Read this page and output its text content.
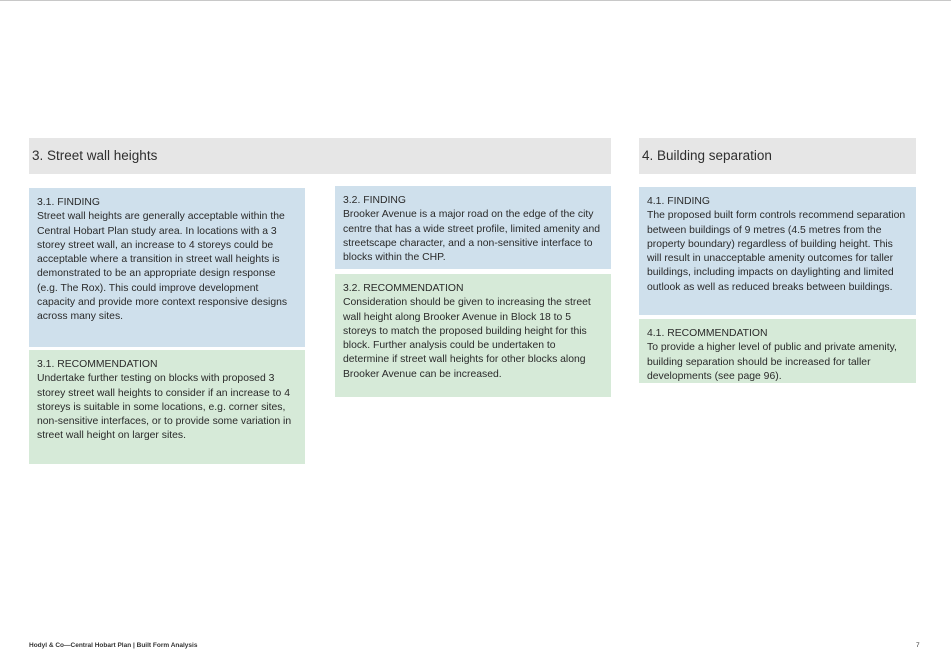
3. Street wall heights	4. Building separation
3.1. FINDING
Street wall heights are generally acceptable within the Central Hobart Plan study area. In locations with a 3 storey street wall, an increase to 4 storeys could be acceptable where a transition in street wall heights is demonstrated to be an appropriate design response (e.g. The Rox). This could improve development capacity and provide more context responsive designs across many sites.
3.1. RECOMMENDATION
Undertake further testing on blocks with proposed 3 storey street wall heights to consider if an increase to 4 storeys is suitable in some locations, e.g. corner sites, non-sensitive interfaces, or to provide some variation in street wall height on larger sites.
3.2. FINDING
Brooker Avenue is a major road on the edge of the city centre that has a wide street profile, limited amenity and streetscape character, and a non-sensitive interface to blocks within the CHP.
3.2. RECOMMENDATION
Consideration should be given to increasing the street wall height along Brooker Avenue in Block 18 to 5 storeys to match the proposed building height for this block. Further analysis could be undertaken to determine if street wall heights for other blocks along Brooker Avenue can be increased.
4.1. FINDING
The proposed built form controls recommend separation between buildings of 9 metres (4.5 metres from the property boundary) regardless of building height. This will result in unacceptable amenity outcomes for taller buildings, including impacts on daylighting and limited outlook as well as reduced breaks between buildings.
4.1. RECOMMENDATION
To provide a higher level of public and private amenity, building separation should be increased for taller developments (see page 96).
Hodyl & Co—Central Hobart Plan | Built Form Analysis	7
